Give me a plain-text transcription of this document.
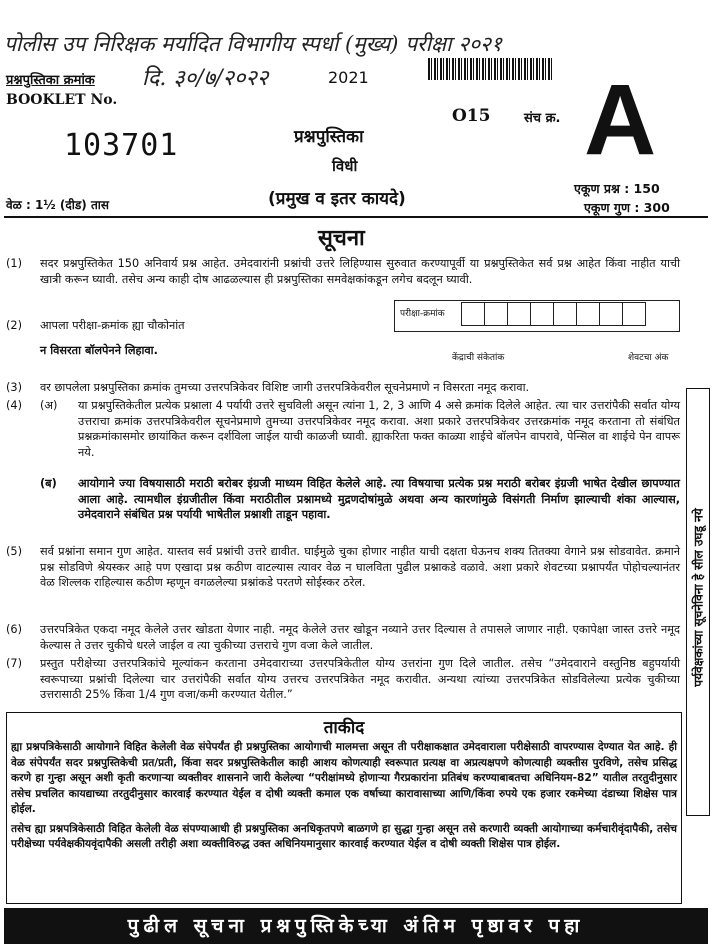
पोलीस उप निरिक्षक मर्यादित विभागीय स्पर्धा (मुख्य) परीक्षा २०२१
प्रश्नपुस्तिका क्रमांक
BOOKLET No.
दि. ३०/७/२०२२	2021
103701
O15	संच क्र. A
प्रश्नपुस्तिका
विधी
(प्रमुख व इतर कायदे)
वेळ : 1½ (दीड) तास
एकूण प्रश्न : 150
एकूण गुण : 300
सूचना
(1) सदर प्रश्नपुस्तिकेत 150 अनिवार्य प्रश्न आहेत. उमेदवारांनी प्रश्नांची उत्तरे लिहिण्यास सुरुवात करण्यापूर्वी या प्रश्नपुस्तिकेत सर्व प्रश्न आहेत किंवा नाहीत याची खात्री करून घ्यावी. तसेच अन्य काही दोष आढळल्यास ही प्रश्नपुस्तिका समवेक्षकांकडून लगेच बदलून घ्यावी.
(2) आपला परीक्षा-क्रमांक ह्या चौकोनांत
न विसरता बॉलपेनने लिहावा.
परीक्षा-क्रमांक
केंद्राची संकेतांक	शेवटचा अंक
(3) वर छापलेला प्रश्नपुस्तिका क्रमांक तुमच्या उत्तरपत्रिकेवर विशिष्ट जागी उत्तरपत्रिकेवरील सूचनेप्रमाणे न विसरता नमूद करावा.
(4) (अ) या प्रश्नपुस्तिकेतील प्रत्येक प्रश्नाला 4 पर्यायी उत्तरे सुचविली असून त्यांना 1, 2, 3 आणि 4 असे क्रमांक दिलेले आहेत. त्या चार उत्तरांपैकी सर्वात योग्य उत्तराचा क्रमांक उत्तरपत्रिकेवरील सूचनेप्रमाणे तुमच्या उत्तरपत्रिकेवर नमूद करावा. अशा प्रकारे उत्तरपत्रिकेवर उत्तरक्रमांक नमूद करताना तो संबंधित प्रश्नक्रमांकासमोर छायांकित करून दर्शविला जाईल याची काळजी घ्यावी. ह्याकरिता फक्त काळ्या शाईचे बॉलपेन वापरावे, पेन्सिल वा शाईचे पेन वापरू नये.
(ब) आयोगाने ज्या विषयासाठी मराठी बरोबर इंग्रजी माध्यम विहित केलेले आहे. त्या विषयाचा प्रत्येक प्रश्न मराठी बरोबर इंग्रजी भाषेत देखील छापण्यात आला आहे. त्यामधील इंग्रजीतील किंवा मराठीतील प्रश्नामध्ये मुद्रणदोषांमुळे अथवा अन्य कारणांमुळे विसंगती निर्माण झाल्याची शंका आल्यास, उमेदवाराने संबंधित प्रश्न पर्यायी भाषेतील प्रश्नाशी ताडून पहावा.
(5) सर्व प्रश्नांना समान गुण आहेत. यास्तव सर्व प्रश्नांची उत्तरे द्यावीत. घाईमुळे चुका होणार नाहीत याची दक्षता घेऊनच शक्य तितक्या वेगाने प्रश्न सोडवावेत. क्रमाने प्रश्न सोडविणे श्रेयस्कर आहे पण एखादा प्रश्न कठीण वाटल्यास त्यावर वेळ न घालविता पुढील प्रश्नाकडे वळावे. अशा प्रकारे शेवटच्या प्रश्नापर्यंत पोहोचल्यानंतर वेळ शिल्लक राहिल्यास कठीण म्हणून वगळलेल्या प्रश्नांकडे परतणे सोईस्कर ठरेल.
(6) उत्तरपत्रिकेत एकदा नमूद केलेले उत्तर खोडता येणार नाही. नमूद केलेले उत्तर खोडून नव्याने उत्तर दिल्यास ते तपासले जाणार नाही. एकापेक्षा जास्त उत्तरे नमूद केल्यास ते उत्तर चुकीचे धरले जाईल व त्या चुकीच्या उत्तराचे गुण वजा केले जातील.
(7) प्रस्तुत परीक्षेच्या उत्तरपत्रिकांचे मूल्यांकन करताना उमेदवाराच्या उत्तरपत्रिकेतील योग्य उत्तरांना गुण दिले जातील. तसेच “उमेदवाराने वस्तुनिष्ठ बहुपर्यायी स्वरूपाच्या प्रश्नांची दिलेल्या चार उत्तरांपैकी सर्वात योग्य उत्तरच उत्तरपत्रिकेत नमूद करावीत. अन्यथा त्यांच्या उत्तरपत्रिकेत सोडविलेल्या प्रत्येक चुकीच्या उत्तरासाठी 25% किंवा 1/4 गुण वजा/कमी करण्यात येतील.”
पर्यवेक्षकांच्या सूचनेविना हे सील उघडू नये
ताकीद
ह्या प्रश्नपत्रिकेसाठी आयोगाने विहित केलेली वेळ संपेपर्यंत ही प्रश्नपुस्तिका आयोगाची मालमत्ता असून ती परीक्षाकक्षात उमेदवाराला परीक्षेसाठी वापरण्यास देण्यात येत आहे. ही वेळ संपेपर्यंत सदर प्रश्नपुस्तिकेची प्रत/प्रती, किंवा सदर प्रश्नपुस्तिकेतील काही आशय कोणत्याही स्वरूपात प्रत्यक्ष वा अप्रत्यक्षपणे कोणत्याही व्यक्तीस पुरविणे, तसेच प्रसिद्ध करणे हा गुन्हा असून अशी कृती करणाऱ्या व्यक्तीवर शासनाने जारी केलेल्या “परीक्षांमध्ये होणाऱ्या गैरप्रकारांना प्रतिबंध करण्याबाबतचा अधिनियम-82” यातील तरतुदीनुसार तसेच प्रचलित कायद्याच्या तरतुदीनुसार कारवाई करण्यात येईल व दोषी व्यक्ती कमाल एक वर्षाच्या कारावासाच्या आणि/किंवा रुपये एक हजार रकमेच्या दंडाच्या शिक्षेस पात्र होईल.
तसेच ह्या प्रश्नपत्रिकेसाठी विहित केलेली वेळ संपण्याआधी ही प्रश्नपुस्तिका अनधिकृतपणे बाळगणे हा सुद्धा गुन्हा असून तसे करणारी व्यक्ती आयोगाच्या कर्मचारीवृंदापैकी, तसेच परीक्षेच्या पर्यवेक्षकीयवृंदापैकी असली तरीही अशा व्यक्तीविरुद्ध उक्त अधिनियमानुसार कारवाई करण्यात येईल व दोषी व्यक्ती शिक्षेस पात्र होईल.
पुढील सूचना प्रश्नपुस्तिकेच्या अंतिम पृष्ठावर पहा
